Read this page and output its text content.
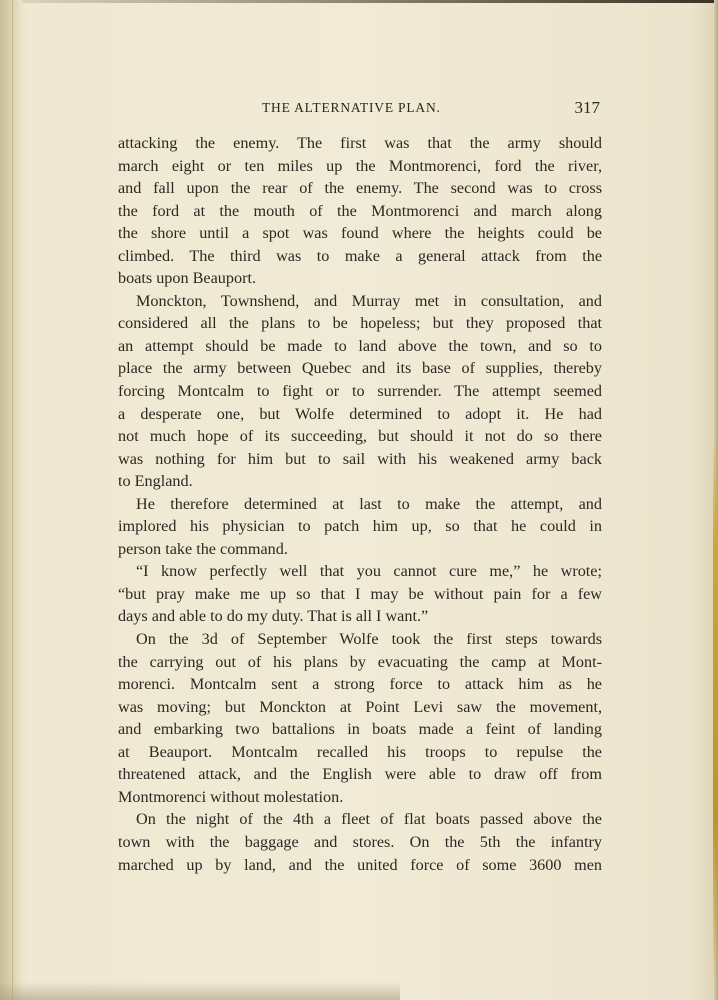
THE ALTERNATIVE PLAN.	317
attacking the enemy. The first was that the army should
march eight or ten miles up the Montmorenci, ford the river,
and fall upon the rear of the enemy. The second was to cross
the ford at the mouth of the Montmorenci and march along
the shore until a spot was found where the heights could be
climbed. The third was to make a general attack from the
boats upon Beauport.
Monckton, Townshend, and Murray met in consultation, and
considered all the plans to be hopeless; but they proposed that
an attempt should be made to land above the town, and so to
place the army between Quebec and its base of supplies, thereby
forcing Montcalm to fight or to surrender. The attempt seemed
a desperate one, but Wolfe determined to adopt it. He had
not much hope of its succeeding, but should it not do so there
was nothing for him but to sail with his weakened army back
to England.
He therefore determined at last to make the attempt, and
implored his physician to patch him up, so that he could in
person take the command.
“I know perfectly well that you cannot cure me,” he wrote;
“but pray make me up so that I may be without pain for a few
days and able to do my duty. That is all I want.”
On the 3d of September Wolfe took the first steps towards
the carrying out of his plans by evacuating the camp at Mont-
morenci. Montcalm sent a strong force to attack him as he
was moving; but Monckton at Point Levi saw the movement,
and embarking two battalions in boats made a feint of landing
at Beauport. Montcalm recalled his troops to repulse the
threatened attack, and the English were able to draw off from
Montmorenci without molestation.
On the night of the 4th a fleet of flat boats passed above the
town with the baggage and stores. On the 5th the infantry
marched up by land, and the united force of some 3600 men
